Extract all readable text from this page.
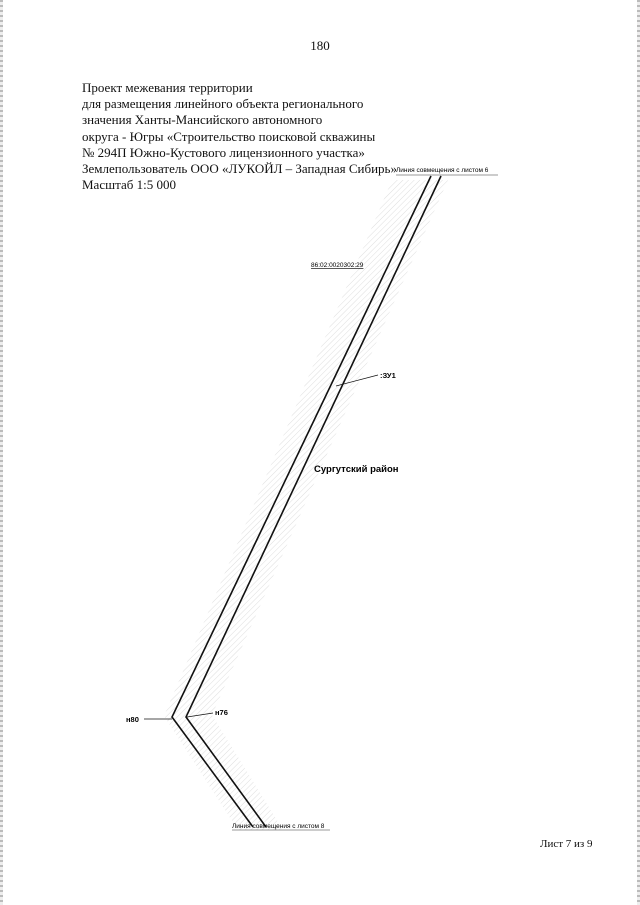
180
Проект межевания территории
для размещения линейного объекта регионального
значения Ханты-Мансийского автономного
округа - Югры «Строительство поисковой скважины
№ 294П Южно-Кустового лицензионного участка»
Землепользователь ООО «ЛУКОЙЛ – Западная Сибирь»
Масштаб 1:5 000
Линия совмещения с листом 6
86:02:0020302:29
:ЗУ1
Сургутский район
н80
н76
Линия совмещения с листом 8
Лист 7 из 9
